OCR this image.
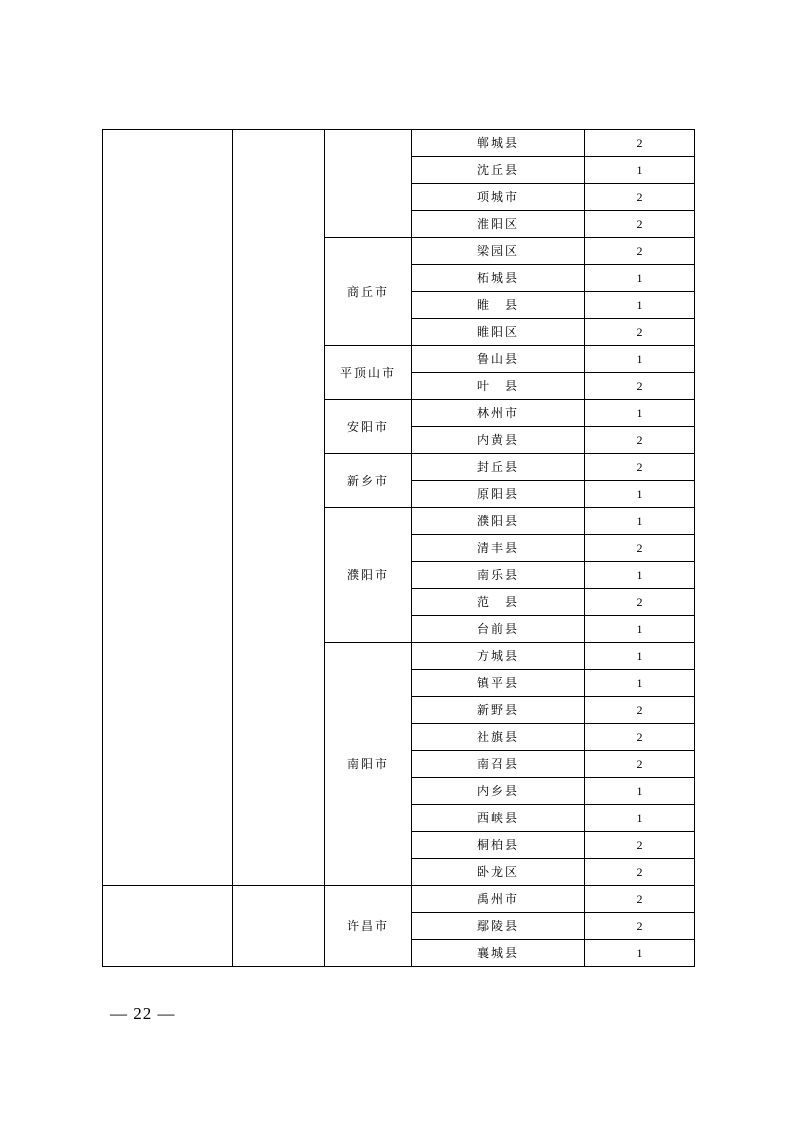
			郸城县	2
			沈丘县	1
			项城市	2
			淮阳区	2
		商丘市	梁园区	2
			柘城县	1
			睢　县	1
			睢阳区	2
		平顶山市	鲁山县	1
			叶　县	2
		安阳市	林州市	1
			内黄县	2
		新乡市	封丘县	2
			原阳县	1
		濮阳市	濮阳县	1
			清丰县	2
			南乐县	1
			范　县	2
			台前县	1
		南阳市	方城县	1
			镇平县	1
			新野县	2
			社旗县	2
			南召县	2
			内乡县	1
			西峡县	1
			桐柏县	2
			卧龙区	2
		许昌市	禹州市	2
			鄢陵县	2
			襄城县	1
— 22 —
